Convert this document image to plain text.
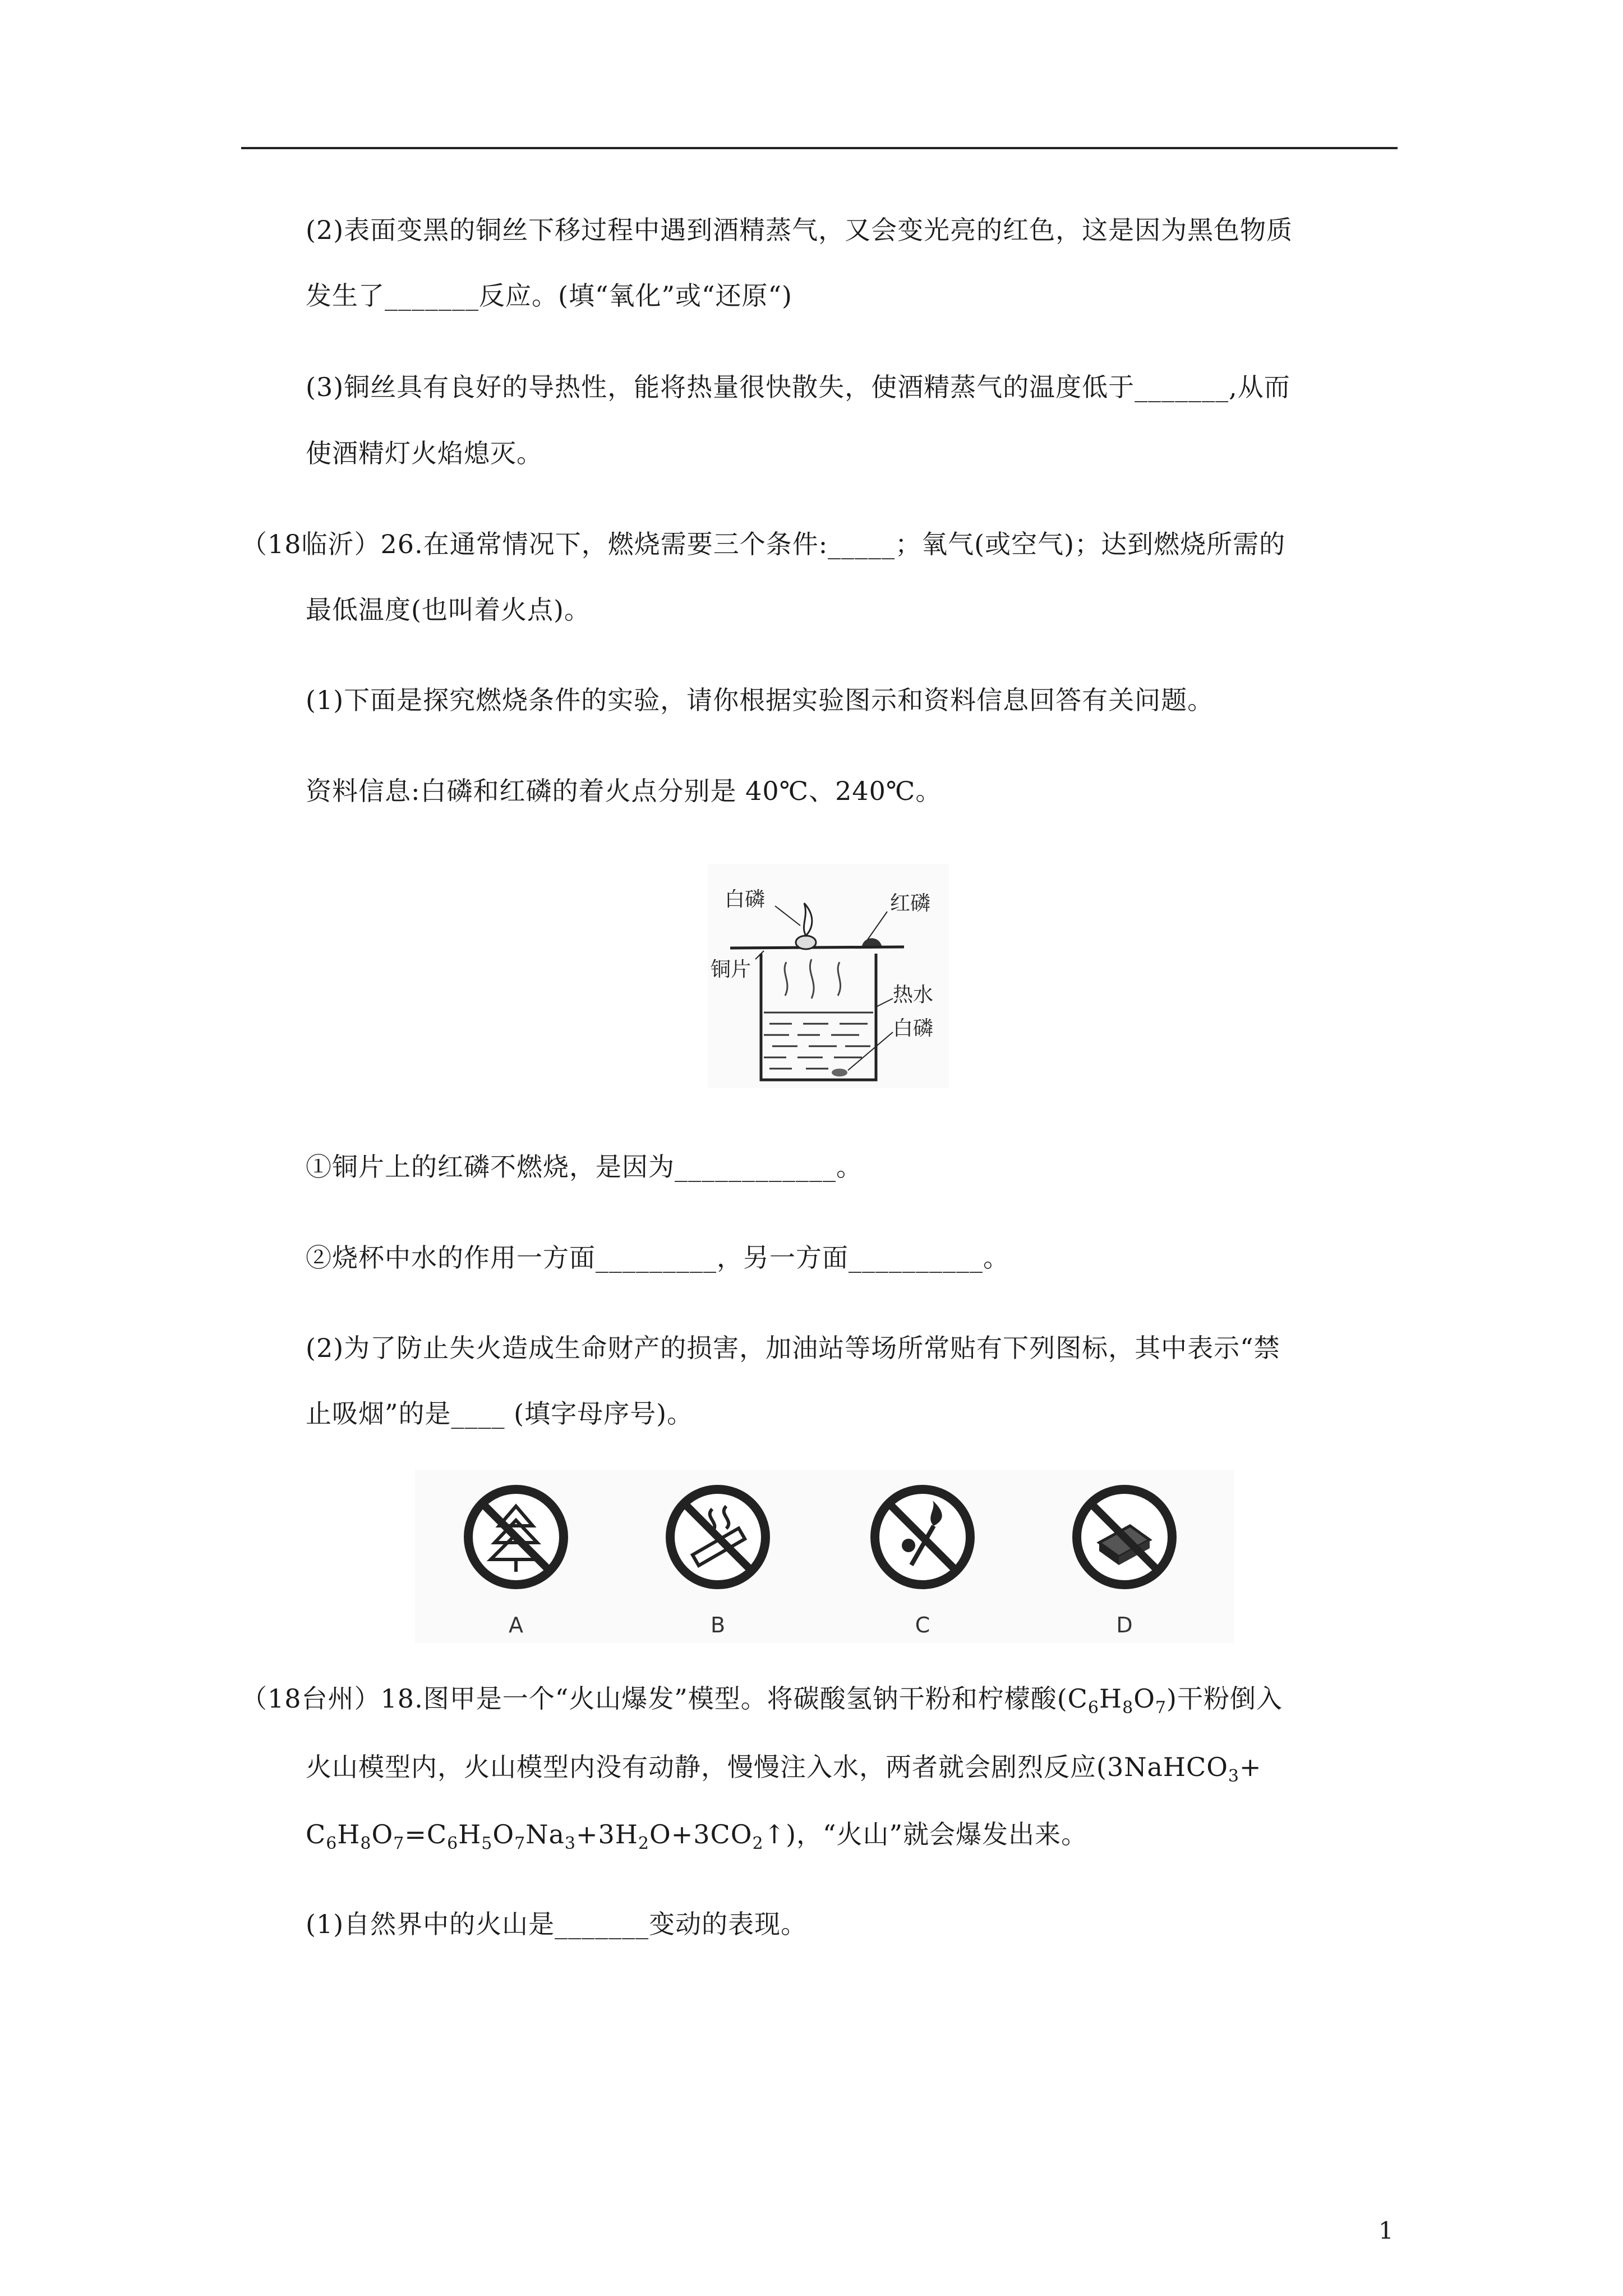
(2)表面变黑的铜丝下移过程中遇到酒精蒸气，又会变光亮的红色，这是因为黑色物质
发生了_______反应。(填“氧化”或“还原“)
(3)铜丝具有良好的导热性，能将热量很快散失，使酒精蒸气的温度低于_______,从而
使酒精灯火焰熄灭。
（18临沂）26.在通常情况下，燃烧需要三个条件:_____；氧气(或空气)；达到燃烧所需的
最低温度(也叫着火点)。
(1)下面是探究燃烧条件的实验，请你根据实验图示和资料信息回答有关问题。
资料信息:白磷和红磷的着火点分别是 40℃、240℃。
白磷	红磷
铜片
热水
白磷
①铜片上的红磷不燃烧，是因为____________。
②烧杯中水的作用一方面_________，另一方面__________。
(2)为了防止失火造成生命财产的损害，加油站等场所常贴有下列图标，其中表示“禁
止吸烟”的是____ (填字母序号)。
A	B	C	D
（18台州）18.图甲是一个“火山爆发”模型。将碳酸氢钠干粉和柠檬酸$(C_6H_8O_7)$干粉倒入
火山模型内，火山模型内没有动静，慢慢注入水，两者就会剧烈反应(3NaHCO$_3$+
$C_6H_8O_7=C_6H_5O_7Na_3+3H_2O+3CO_2↑$)，“火山”就会爆发出来。
(1)自然界中的火山是_______变动的表现。
1
